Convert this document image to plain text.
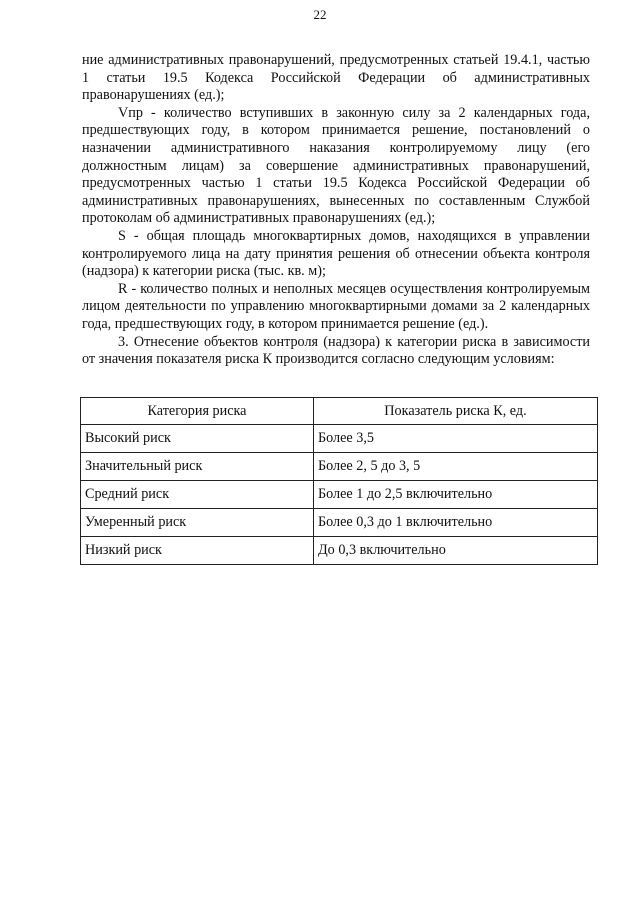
22

ние административных правонарушений, предусмотренных статьей 19.4.1, частью 1 статьи 19.5 Кодекса Российской Федерации об административных правонарушениях (ед.);

Vпр - количество вступивших в законную силу за 2 календарных года, предшествующих году, в котором принимается решение, постановлений о назначении административного наказания контролируемому лицу (его должностным лицам) за совершение административных правонарушений, предусмотренных частью 1 статьи 19.5 Кодекса Российской Федерации об административных правонарушениях, вынесенных по составленным Службой протоколам об административных правонарушениях (ед.);

S - общая площадь многоквартирных домов, находящихся в управлении контролируемого лица на дату принятия решения об отнесении объекта контроля (надзора) к категории риска (тыс. кв. м);

R - количество полных и неполных месяцев осуществления контролируемым лицом деятельности по управлению многоквартирными домами за 2 календарных года, предшествующих году, в котором принимается решение (ед.).

3. Отнесение объектов контроля (надзора) к категории риска в зависимости от значения показателя риска К производится согласно следующим условиям:

Категория риска	Показатель риска К, ед.
Высокий риск	Более 3,5
Значительный риск	Более 2, 5 до 3, 5
Средний риск	Более 1 до 2,5 включительно
Умеренный риск	Более 0,3 до 1 включительно
Низкий риск	До 0,3 включительно
